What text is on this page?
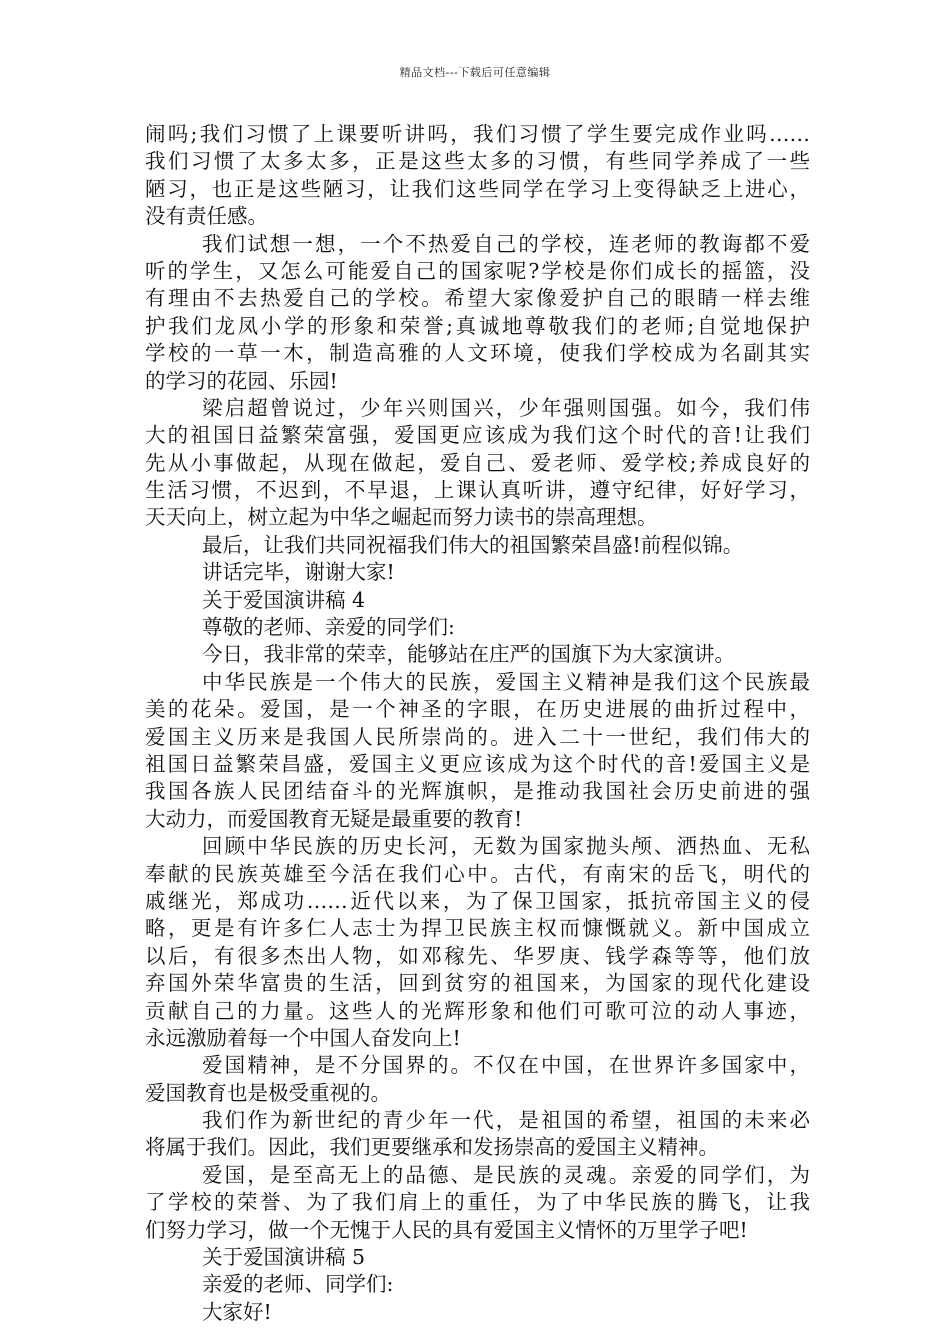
精品文档---下载后可任意编辑
闹吗;我们习惯了上课要听讲吗，我们习惯了学生要完成作业吗……
我们习惯了太多太多，正是这些太多的习惯，有些同学养成了一些
陋习，也正是这些陋习，让我们这些同学在学习上变得缺乏上进心，
没有责任感。
我们试想一想，一个不热爱自己的学校，连老师的教诲都不爱
听的学生，又怎么可能爱自己的国家呢?学校是你们成长的摇篮，没
有理由不去热爱自己的学校。希望大家像爱护自己的眼睛一样去维
护我们龙凤小学的形象和荣誉;真诚地尊敬我们的老师;自觉地保护
学校的一草一木，制造高雅的人文环境，使我们学校成为名副其实
的学习的花园、乐园!
梁启超曾说过，少年兴则国兴，少年强则国强。如今，我们伟
大的祖国日益繁荣富强，爱国更应该成为我们这个时代的音!让我们
先从小事做起，从现在做起，爱自己、爱老师、爱学校;养成良好的
生活习惯，不迟到，不早退，上课认真听讲，遵守纪律，好好学习，
天天向上，树立起为中华之崛起而努力读书的崇高理想。
最后，让我们共同祝福我们伟大的祖国繁荣昌盛!前程似锦。
讲话完毕，谢谢大家!
关于爱国演讲稿 4
尊敬的老师、亲爱的同学们:
今日，我非常的荣幸，能够站在庄严的国旗下为大家演讲。
中华民族是一个伟大的民族，爱国主义精神是我们这个民族最
美的花朵。爱国，是一个神圣的字眼，在历史进展的曲折过程中，
爱国主义历来是我国人民所崇尚的。进入二十一世纪，我们伟大的
祖国日益繁荣昌盛，爱国主义更应该成为这个时代的音!爱国主义是
我国各族人民团结奋斗的光辉旗帜，是推动我国社会历史前进的强
大动力，而爱国教育无疑是最重要的教育!
回顾中华民族的历史长河，无数为国家抛头颅、洒热血、无私
奉献的民族英雄至今活在我们心中。古代，有南宋的岳飞，明代的
戚继光，郑成功……近代以来，为了保卫国家，抵抗帝国主义的侵
略，更是有许多仁人志士为捍卫民族主权而慷慨就义。新中国成立
以后，有很多杰出人物，如邓稼先、华罗庚、钱学森等等，他们放
弃国外荣华富贵的生活，回到贫穷的祖国来，为国家的现代化建设
贡献自己的力量。这些人的光辉形象和他们可歌可泣的动人事迹，
永远激励着每一个中国人奋发向上!
爱国精神，是不分国界的。不仅在中国，在世界许多国家中，
爱国教育也是极受重视的。
我们作为新世纪的青少年一代，是祖国的希望，祖国的未来必
将属于我们。因此，我们更要继承和发扬崇高的爱国主义精神。
爱国，是至高无上的品德、是民族的灵魂。亲爱的同学们，为
了学校的荣誉、为了我们肩上的重任，为了中华民族的腾飞，让我
们努力学习，做一个无愧于人民的具有爱国主义情怀的万里学子吧!
关于爱国演讲稿 5
亲爱的老师、同学们:
大家好!
